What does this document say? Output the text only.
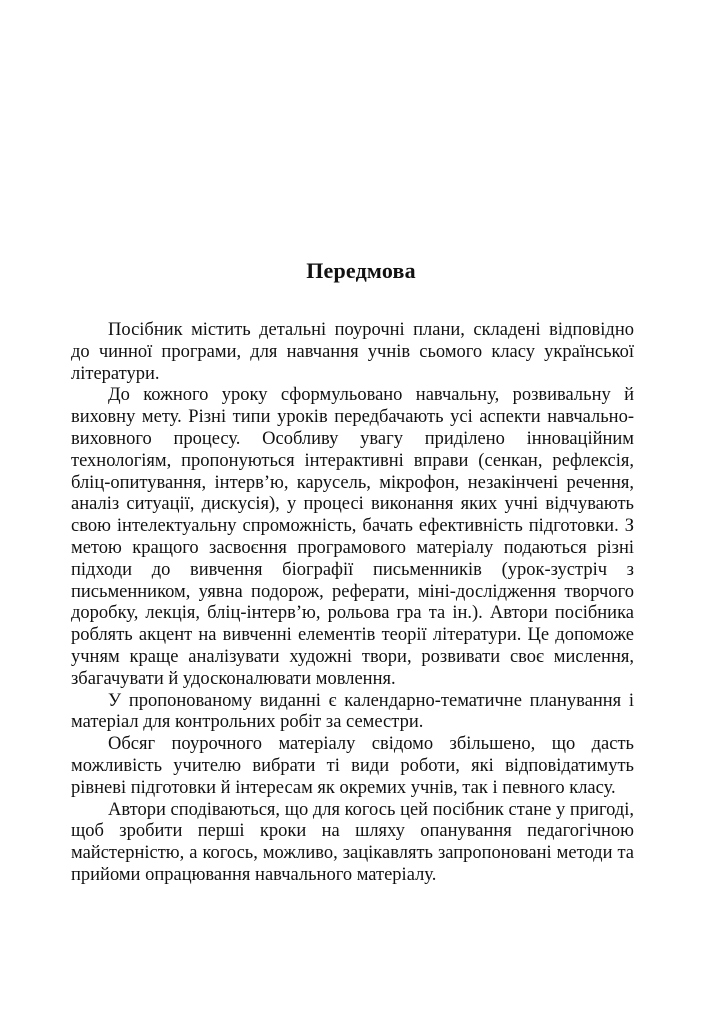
Передмова

Посібник містить детальні поурочні плани, складені відповідно до чинної програми, для навчання учнів сьомого класу української літератури.

До кожного уроку сформульовано навчальну, розвивальну й виховну мету. Різні типи уроків передбачають усі аспекти навчально-виховного процесу. Особливу увагу приділено інноваційним технологіям, пропонуються інтерактивні вправи (сенкан, рефлексія, бліц-опитування, інтерв’ю, карусель, мікрофон, незакінчені речення, аналіз ситуації, дискусія), у процесі виконання яких учні відчувають свою інтелектуальну спроможність, бачать ефективність підготовки. З метою кращого засвоєння програмового матеріалу подаються різні підходи до вивчення біографії письменників (урок-зустріч з письменником, уявна подорож, реферати, міні-дослідження творчого доробку, лекція, бліц-інтерв’ю, рольова гра та ін.). Автори посібника роблять акцент на вивченні елементів теорії літератури. Це допоможе учням краще аналізувати художні твори, розвивати своє мислення, збагачувати й удосконалювати мовлення.

У пропонованому виданні є календарно-тематичне планування і матеріал для контрольних робіт за семестри.

Обсяг поурочного матеріалу свідомо збільшено, що дасть можливість учителю вибрати ті види роботи, які відповідатимуть рівневі підготовки й інтересам як окремих учнів, так і певного класу.

Автори сподіваються, що для когось цей посібник стане у пригоді, щоб зробити перші кроки на шляху опанування педагогічною майстерністю, а когось, можливо, зацікавлять запропоновані методи та прийоми опрацювання навчального матеріалу.
